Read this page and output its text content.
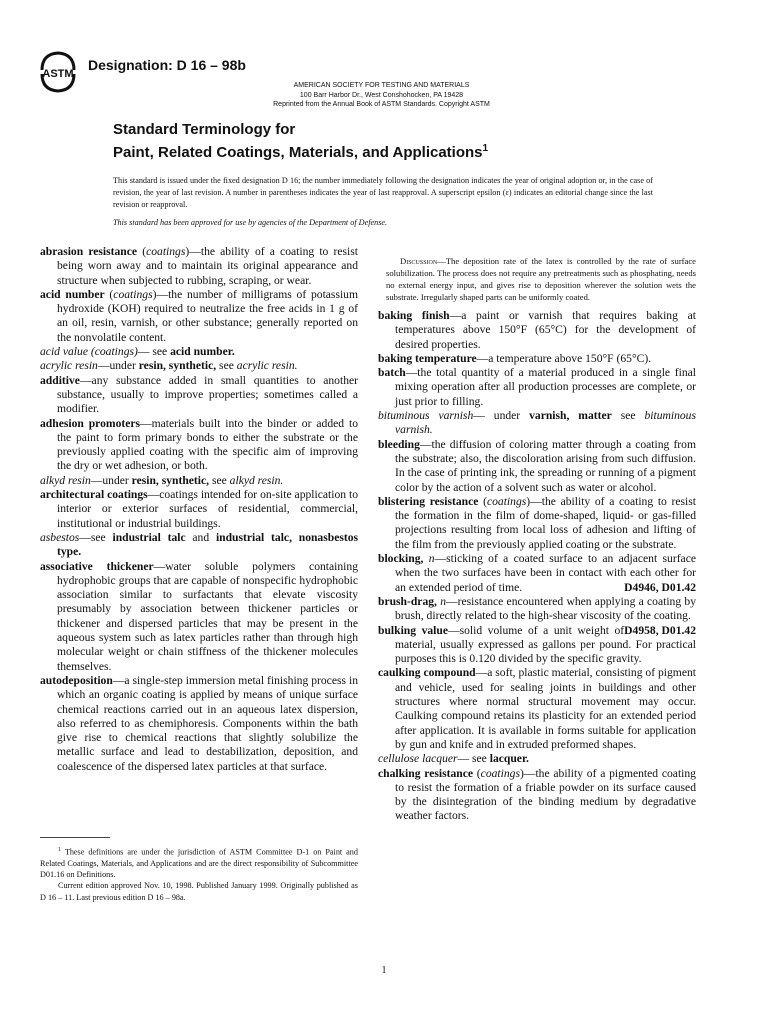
ASTM
Designation: D 16 – 98b
AMERICAN SOCIETY FOR TESTING AND MATERIALS
100 Barr Harbor Dr., West Conshohocken, PA 19428
Reprinted from the Annual Book of ASTM Standards. Copyright ASTM
Standard Terminology for
Paint, Related Coatings, Materials, and Applications$^1$
This standard is issued under the fixed designation D 16; the number immediately following the designation indicates the year of original adoption or, in the case of revision, the year of last revision. A number in parentheses indicates the year of last reapproval. A superscript epsilon (ε) indicates an editorial change since the last revision or reapproval.
This standard has been approved for use by agencies of the Department of Defense.

abrasion resistance (coatings)—the ability of a coating to resist being worn away and to maintain its original appearance and structure when subjected to rubbing, scraping, or wear.

acid number (coatings)—the number of milligrams of potassium hydroxide (KOH) required to neutralize the free acids in 1 g of an oil, resin, varnish, or other substance; generally reported on the nonvolatile content.

acid value (coatings)— see acid number.

acrylic resin—under resin, synthetic, see acrylic resin.

additive—any substance added in small quantities to another substance, usually to improve properties; sometimes called a modifier.

adhesion promoters—materials built into the binder or added to the paint to form primary bonds to either the substrate or the previously applied coating with the specific aim of improving the dry or wet adhesion, or both.

alkyd resin—under resin, synthetic, see alkyd resin.

architectural coatings—coatings intended for on-site application to interior or exterior surfaces of residential, commercial, institutional or industrial buildings.

asbestos—see industrial talc and industrial talc, nonasbestos type.

associative thickener—water soluble polymers containing hydrophobic groups that are capable of nonspecific hydrophobic association similar to surfactants that elevate viscosity presumably by association between thickener particles or thickener and dispersed particles that may be present in the aqueous system such as latex particles rather than through high molecular weight or chain stiffness of the thickener molecules themselves.

autodeposition—a single-step immersion metal finishing process in which an organic coating is applied by means of unique surface chemical reactions carried out in an aqueous latex dispersion, also referred to as chemiphoresis. Components within the bath give rise to chemical reactions that slightly solubilize the metallic surface and lead to destabilization, deposition, and coalescence of the dispersed latex particles at that surface.

Discussion—The deposition rate of the latex is controlled by the rate of surface solubilization. The process does not require any pretreatments such as phosphating, needs no external energy input, and gives rise to deposition wherever the solution wets the substrate. Irregularly shaped parts can be uniformly coated.

baking finish—a paint or varnish that requires baking at temperatures above 150°F (65°C) for the development of desired properties.

baking temperature—a temperature above 150°F (65°C).

batch—the total quantity of a material produced in a single final mixing operation after all production processes are complete, or just prior to filling.

bituminous varnish— under varnish, matter see bituminous varnish.

bleeding—the diffusion of coloring matter through a coating from the substrate; also, the discoloration arising from such diffusion. In the case of printing ink, the spreading or running of a pigment color by the action of a solvent such as water or alcohol.

blistering resistance (coatings)—the ability of a coating to resist the formation in the film of dome-shaped, liquid- or gas-filled projections resulting from local loss of adhesion and lifting of the film from the previously applied coating or the substrate.

blocking, n—sticking of a coated surface to an adjacent surface when the two surfaces have been in contact with each other for an extended period of time.	D4946, D01.42

brush-drag, n—resistance encountered when applying a coating by brush, directly related to the high-shear viscosity of the coating.
D4958, D01.42

bulking value—solid volume of a unit weight of material, usually expressed as gallons per pound. For practical purposes this is 0.120 divided by the specific gravity.

caulking compound—a soft, plastic material, consisting of pigment and vehicle, used for sealing joints in buildings and other structures where normal structural movement may occur. Caulking compound retains its plasticity for an extended period after application. It is available in forms suitable for application by gun and knife and in extruded preformed shapes.

cellulose lacquer— see lacquer.

chalking resistance (coatings)—the ability of a pigmented coating to resist the formation of a friable powder on its surface caused by the disintegration of the binding medium by degradative weather factors.

$^1$ These definitions are under the jurisdiction of ASTM Committee D-1 on Paint and Related Coatings, Materials, and Applications and are the direct responsibility of Subcommittee D01.16 on Definitions.

Current edition approved Nov. 10, 1998. Published January 1999. Originally published as D 16 – 11. Last previous edition D 16 – 98a.

1
